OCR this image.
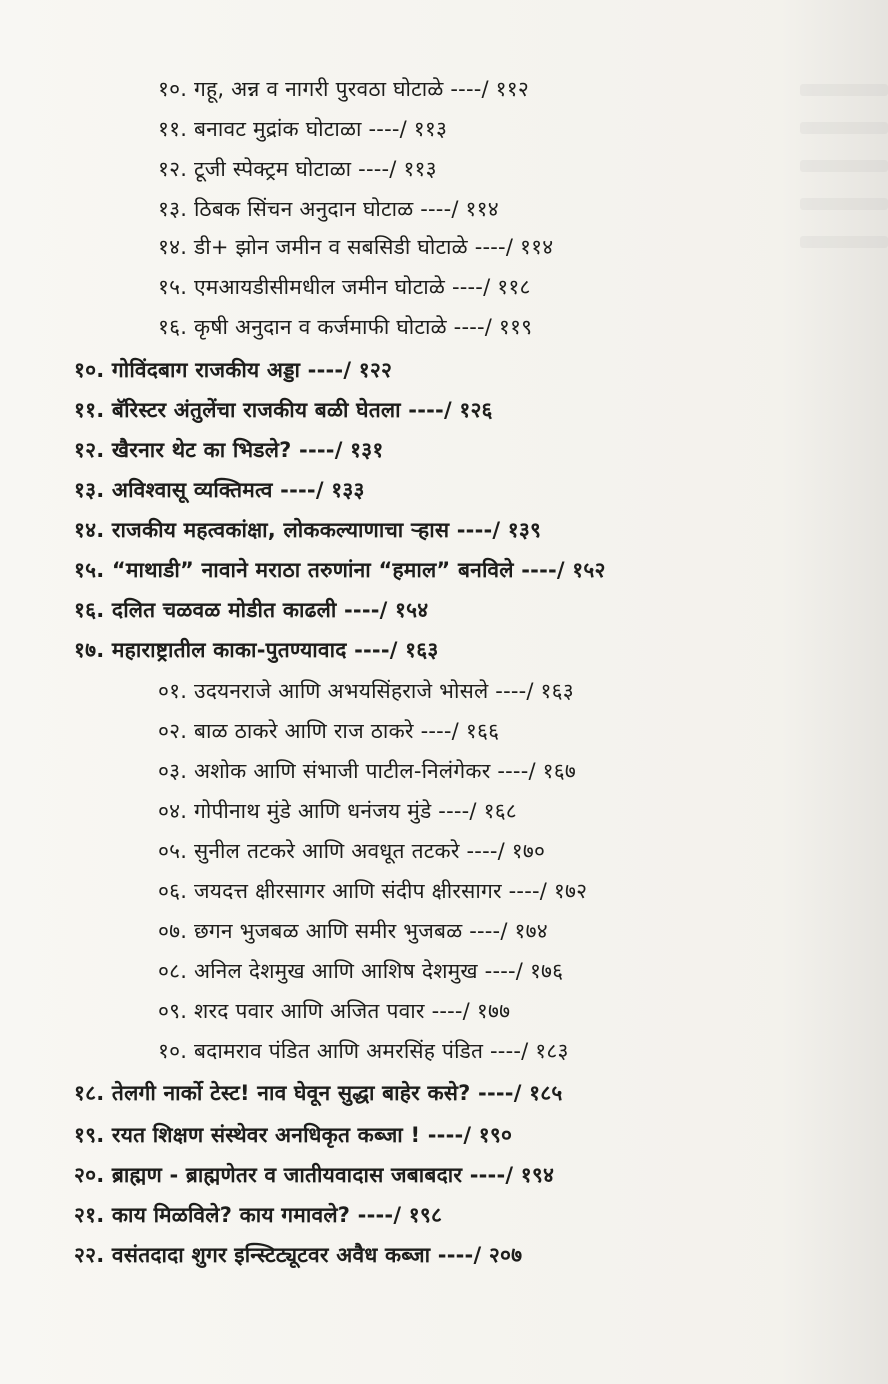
१०. गहू, अन्न व नागरी पुरवठा घोटाळे ----/ ११२
११. बनावट मुद्रांक घोटाळा ----/ ११३
१२. टूजी स्पेक्ट्रम घोटाळा ----/ ११३
१३. ठिबक सिंचन अनुदान घोटाळ ----/ ११४
१४. डी+ झोन जमीन व सबसिडी घोटाळे ----/ ११४
१५. एमआयडीसीमधील जमीन घोटाळे ----/ ११८
१६. कृषी अनुदान व कर्जमाफी घोटाळे ----/ ११९
१०. गोविंदबाग राजकीय अड्डा ----/ १२२
११. बॅरिस्टर अंतुलेंचा राजकीय बळी घेतला ----/ १२६
१२. खैरनार थेट का भिडले? ----/ १३१
१३. अविश्वासू व्यक्तिमत्व ----/ १३३
१४. राजकीय महत्वकांक्षा, लोककल्याणाचा ऱ्हास ----/ १३९
१५. “माथाडी” नावाने मराठा तरुणांना “हमाल” बनविले ----/ १५२
१६. दलित चळवळ मोडीत काढली ----/ १५४
१७. महाराष्ट्रातील काका-पुतण्यावाद ----/ १६३
०१. उदयनराजे आणि अभयसिंहराजे भोसले ----/ १६३
०२. बाळ ठाकरे आणि राज ठाकरे ----/ १६६
०३. अशोक आणि संभाजी पाटील-निलंगेकर ----/ १६७
०४. गोपीनाथ मुंडे आणि धनंजय मुंडे ----/ १६८
०५. सुनील तटकरे आणि अवधूत तटकरे ----/ १७०
०६. जयदत्त क्षीरसागर आणि संदीप क्षीरसागर ----/ १७२
०७. छगन भुजबळ आणि समीर भुजबळ ----/ १७४
०८. अनिल देशमुख आणि आशिष देशमुख ----/ १७६
०९. शरद पवार आणि अजित पवार ----/ १७७
१०. बदामराव पंडित आणि अमरसिंह पंडित ----/ १८३
१८. तेलगी नार्को टेस्ट! नाव घेवून सुद्धा बाहेर कसे? ----/ १८५
१९. रयत शिक्षण संस्थेवर अनधिकृत कब्जा ! ----/ १९०
२०. ब्राह्मण - ब्राह्मणेतर व जातीयवादास जबाबदार ----/ १९४
२१. काय मिळविले? काय गमावले? ----/ १९८
२२. वसंतदादा शुगर इन्स्टिट्यूटवर अवैध कब्जा ----/ २०७
